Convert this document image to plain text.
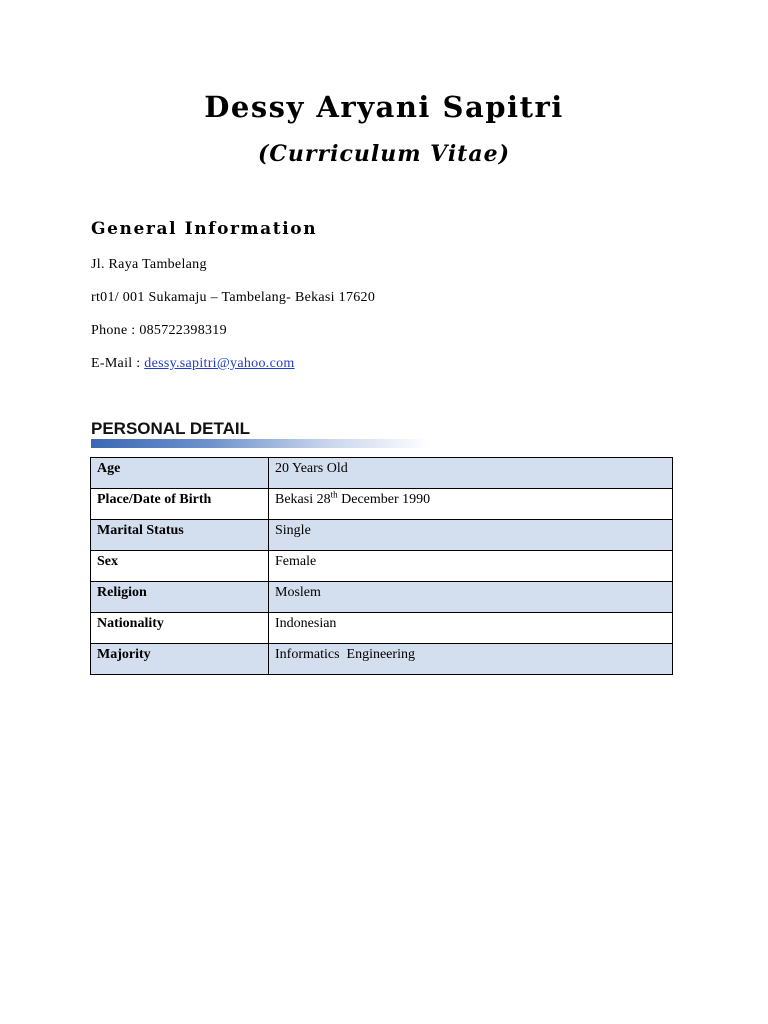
Dessy Aryani Sapitri
(Curriculum Vitae)
General Information
Jl. Raya Tambelang
rt01/ 001 Sukamaju – Tambelang- Bekasi 17620
Phone : 085722398319
E-Mail : dessy.sapitri@yahoo.com
PERSONAL DETAIL
Age	20 Years Old
Place/Date of Birth	Bekasi 28th December 1990
Marital Status	Single
Sex	Female
Religion	Moslem
Nationality	Indonesian
Majority	Informatics  Engineering
